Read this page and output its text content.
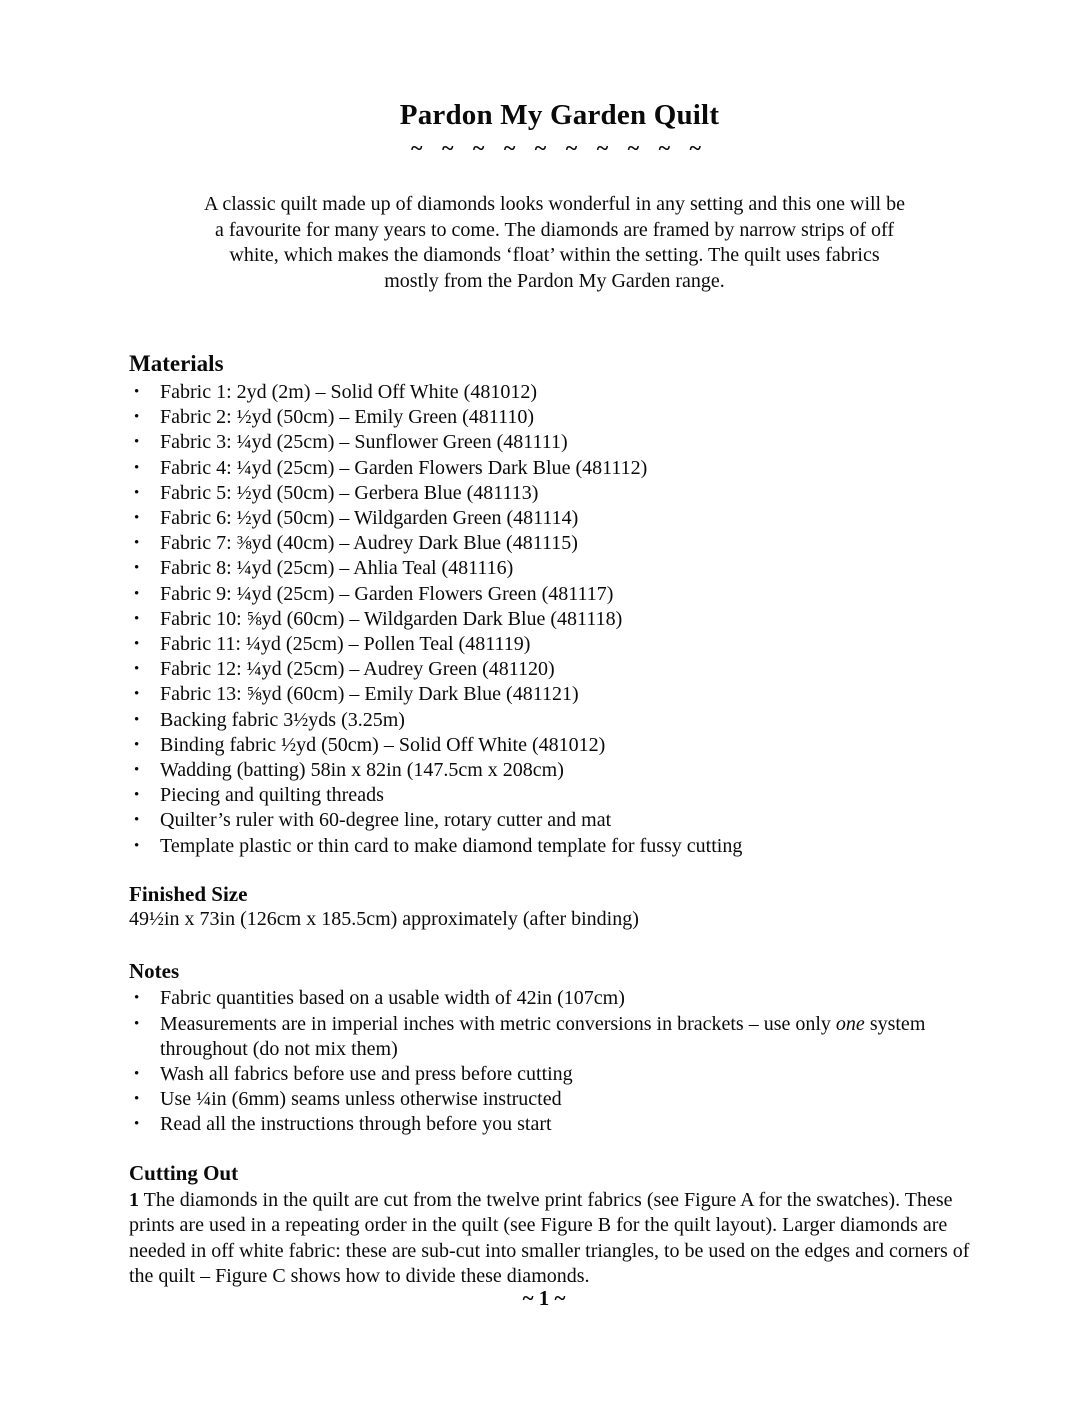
Pardon My Garden Quilt
~ ~ ~ ~ ~ ~ ~ ~ ~ ~
A classic quilt made up of diamonds looks wonderful in any setting and this one will be
a favourite for many years to come. The diamonds are framed by narrow strips of off
white, which makes the diamonds ‘float’ within the setting. The quilt uses fabrics
mostly from the Pardon My Garden range.
Materials
• Fabric 1: 2yd (2m) – Solid Off White (481012)
• Fabric 2: ½yd (50cm) – Emily Green (481110)
• Fabric 3: ¼yd (25cm) – Sunflower Green (481111)
• Fabric 4: ¼yd (25cm) – Garden Flowers Dark Blue (481112)
• Fabric 5: ½yd (50cm) – Gerbera Blue (481113)
• Fabric 6: ½yd (50cm) – Wildgarden Green (481114)
• Fabric 7: ⅜yd (40cm) – Audrey Dark Blue (481115)
• Fabric 8: ¼yd (25cm) – Ahlia Teal (481116)
• Fabric 9: ¼yd (25cm) – Garden Flowers Green (481117)
• Fabric 10: ⅝yd (60cm) – Wildgarden Dark Blue (481118)
• Fabric 11: ¼yd (25cm) – Pollen Teal (481119)
• Fabric 12: ¼yd (25cm) – Audrey Green (481120)
• Fabric 13: ⅝yd (60cm) – Emily Dark Blue (481121)
• Backing fabric 3½yds (3.25m)
• Binding fabric ½yd (50cm) – Solid Off White (481012)
• Wadding (batting) 58in x 82in (147.5cm x 208cm)
• Piecing and quilting threads
• Quilter’s ruler with 60-degree line, rotary cutter and mat
• Template plastic or thin card to make diamond template for fussy cutting
Finished Size

49½in x 73in (126cm x 185.5cm) approximately (after binding)

Notes
• Fabric quantities based on a usable width of 42in (107cm)
• Measurements are in imperial inches with metric conversions in brackets – use only one system throughout (do not mix them)
• Wash all fabrics before use and press before cutting
• Use ¼in (6mm) seams unless otherwise instructed
• Read all the instructions through before you start
Cutting Out

1 The diamonds in the quilt are cut from the twelve print fabrics (see Figure A for the swatches). These prints are used in a repeating order in the quilt (see Figure B for the quilt layout). Larger diamonds are needed in off white fabric: these are sub-cut into smaller triangles, to be used on the edges and corners of the quilt – Figure C shows how to divide these diamonds.

~ 1 ~
